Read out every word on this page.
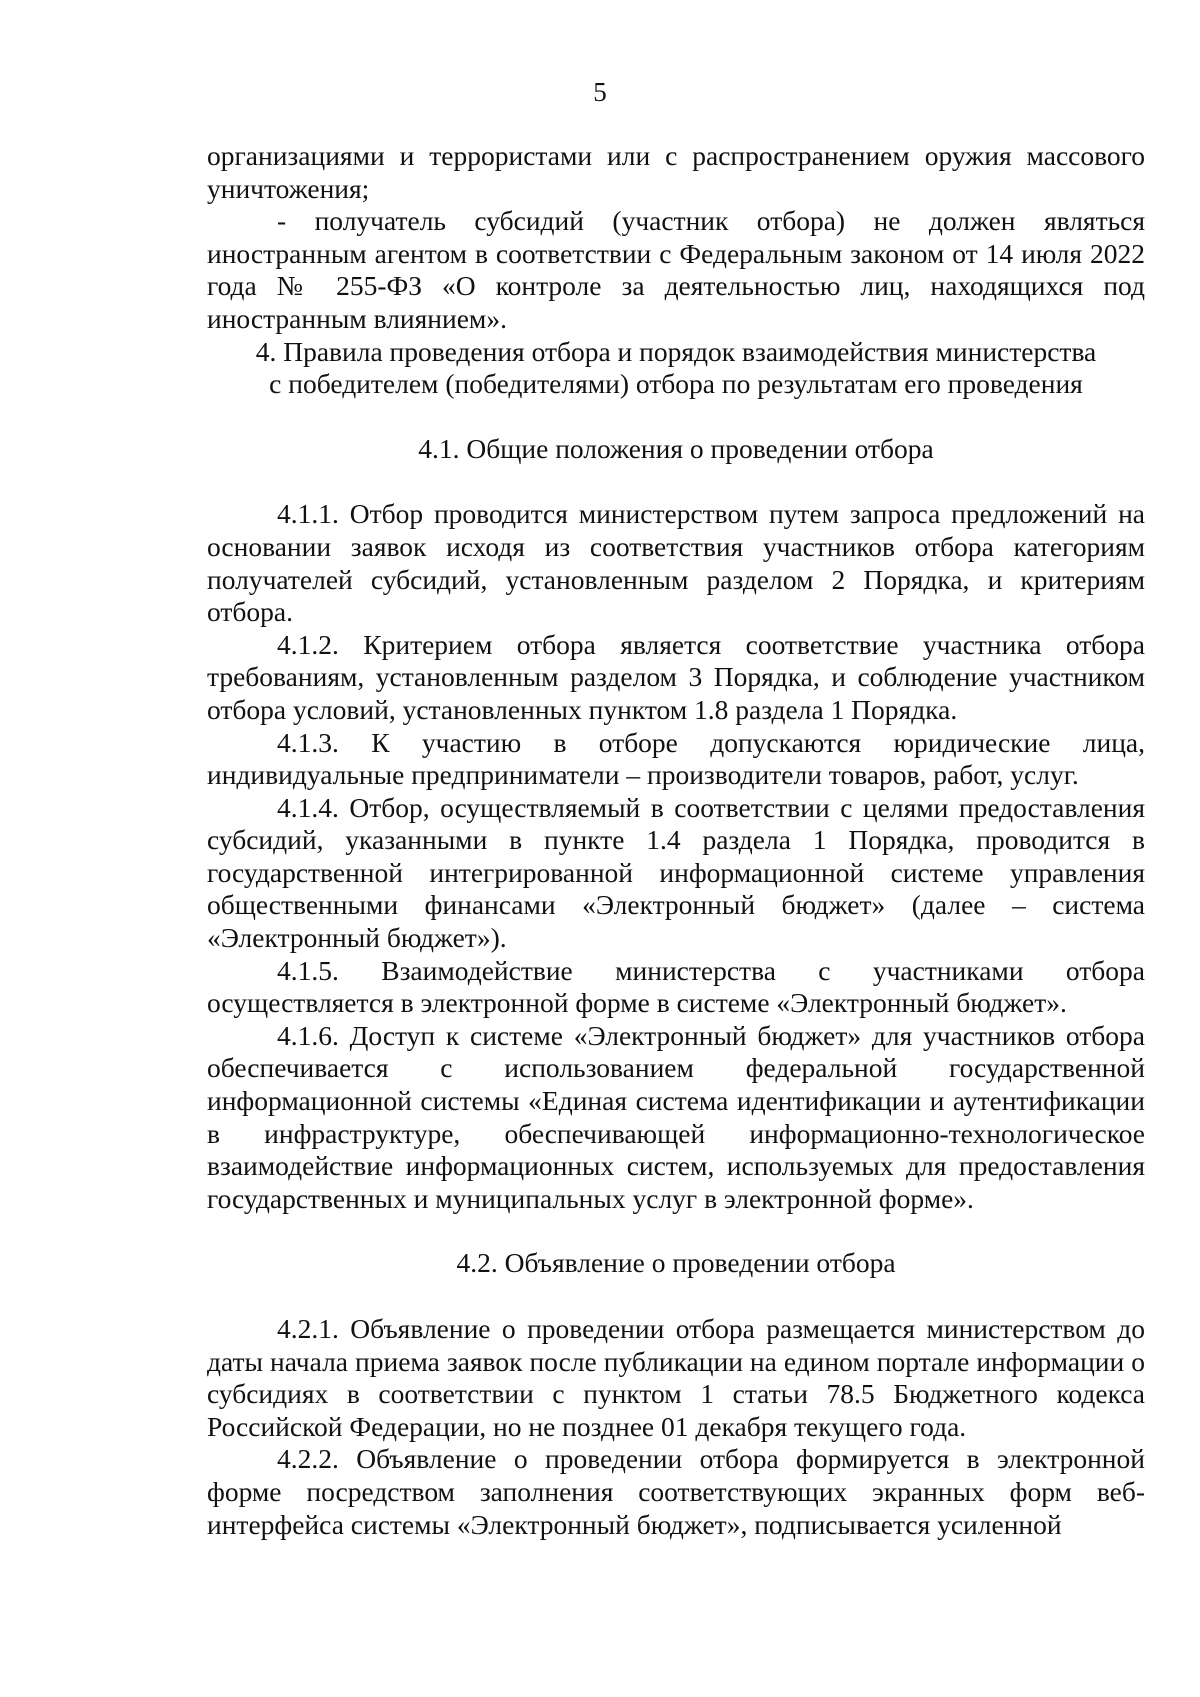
5

организациями и террористами или с распространением оружия массового уничтожения;

- получатель субсидий (участник отбора) не должен являться иностранным агентом в соответствии с Федеральным законом от 14 июля 2022 года № 255-ФЗ «О контроле за деятельностью лиц, находящихся под иностранным влиянием».

4. Правила проведения отбора и порядок взаимодействия министерства

с победителем (победителями) отбора по результатам его проведения

4.1. Общие положения о проведении отбора

4.1.1. Отбор проводится министерством путем запроса предложений на основании заявок исходя из соответствия участников отбора категориям получателей субсидий, установленным разделом 2 Порядка, и критериям отбора.

4.1.2. Критерием отбора является соответствие участника отбора требованиям, установленным разделом 3 Порядка, и соблюдение участником отбора условий, установленных пунктом 1.8 раздела 1 Порядка.

4.1.3. К участию в отборе допускаются юридические лица, индивидуальные предприниматели – производители товаров, работ, услуг.

4.1.4. Отбор, осуществляемый в соответствии с целями предоставления субсидий, указанными в пункте 1.4 раздела 1 Порядка, проводится в государственной интегрированной информационной системе управления общественными финансами «Электронный бюджет» (далее – система «Электронный бюджет»).

4.1.5. Взаимодействие министерства с участниками отбора осуществляется в электронной форме в системе «Электронный бюджет».

4.1.6. Доступ к системе «Электронный бюджет» для участников отбора обеспечивается с использованием федеральной государственной информационной системы «Единая система идентификации и аутентификации в инфраструктуре, обеспечивающей информационно-технологическое взаимодействие информационных систем, используемых для предоставления государственных и муниципальных услуг в электронной форме».

4.2. Объявление о проведении отбора

4.2.1. Объявление о проведении отбора размещается министерством до даты начала приема заявок после публикации на едином портале информации о субсидиях в соответствии с пунктом 1 статьи 78.5 Бюджетного кодекса Российской Федерации, но не позднее 01 декабря текущего года.

4.2.2. Объявление о проведении отбора формируется в электронной форме посредством заполнения соответствующих экранных форм веб-интерфейса системы «Электронный бюджет», подписывается усиленной
